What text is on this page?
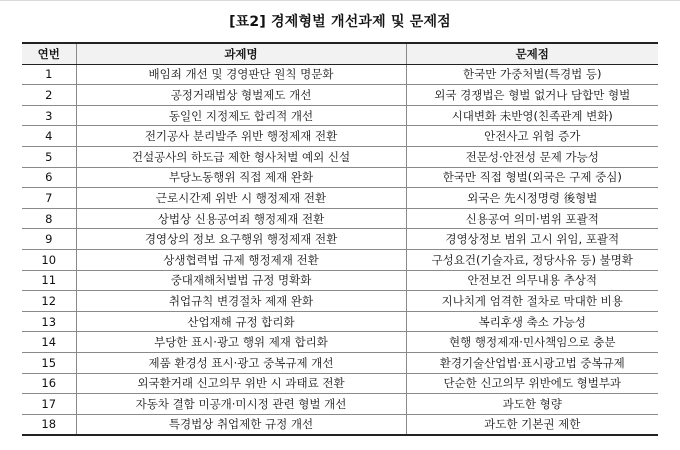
[표2] 경제형벌 개선과제 및 문제점
연번	과제명	문제점
1	배임죄 개선 및 경영판단 원칙 명문화	한국만 가중처벌(특경법 등)
2	공정거래법상 형벌제도 개선	외국 경쟁법은 형벌 없거나 담합만 형벌
3	동일인 지정제도 합리적 개선	시대변화 未반영(친족관계 변화)
4	전기공사 분리발주 위반 행정제재 전환	안전사고 위험 증가
5	건설공사의 하도급 제한 형사처벌 예외 신설	전문성·안전성 문제 가능성
6	부당노동행위 직접 제재 완화	한국만 직접 형벌(외국은 구제 중심)
7	근로시간제 위반 시 행정제재 전환	외국은 先시정명령 後형벌
8	상법상 신용공여죄 행정제재 전환	신용공여 의미·범위 포괄적
9	경영상의 정보 요구행위 행정제재 전환	경영상정보 범위 고시 위임, 포괄적
10	상생협력법 규제 행정제재 전환	구성요건(기술자료, 정당사유 등) 불명확
11	중대재해처벌법 규정 명확화	안전보건 의무내용 추상적
12	취업규칙 변경절차 제재 완화	지나치게 엄격한 절차로 막대한 비용
13	산업재해 규정 합리화	복리후생 축소 가능성
14	부당한 표시·광고 행위 제재 합리화	현행 행정제재·민사책임으로 충분
15	제품 환경성 표시·광고 중복규제 개선	환경기술산업법·표시광고법 중복규제
16	외국환거래 신고의무 위반 시 과태료 전환	단순한 신고의무 위반에도 형벌부과
17	자동차 결함 미공개·미시정 관련 형벌 개선	과도한 형량
18	특경법상 취업제한 규정 개선	과도한 기본권 제한
